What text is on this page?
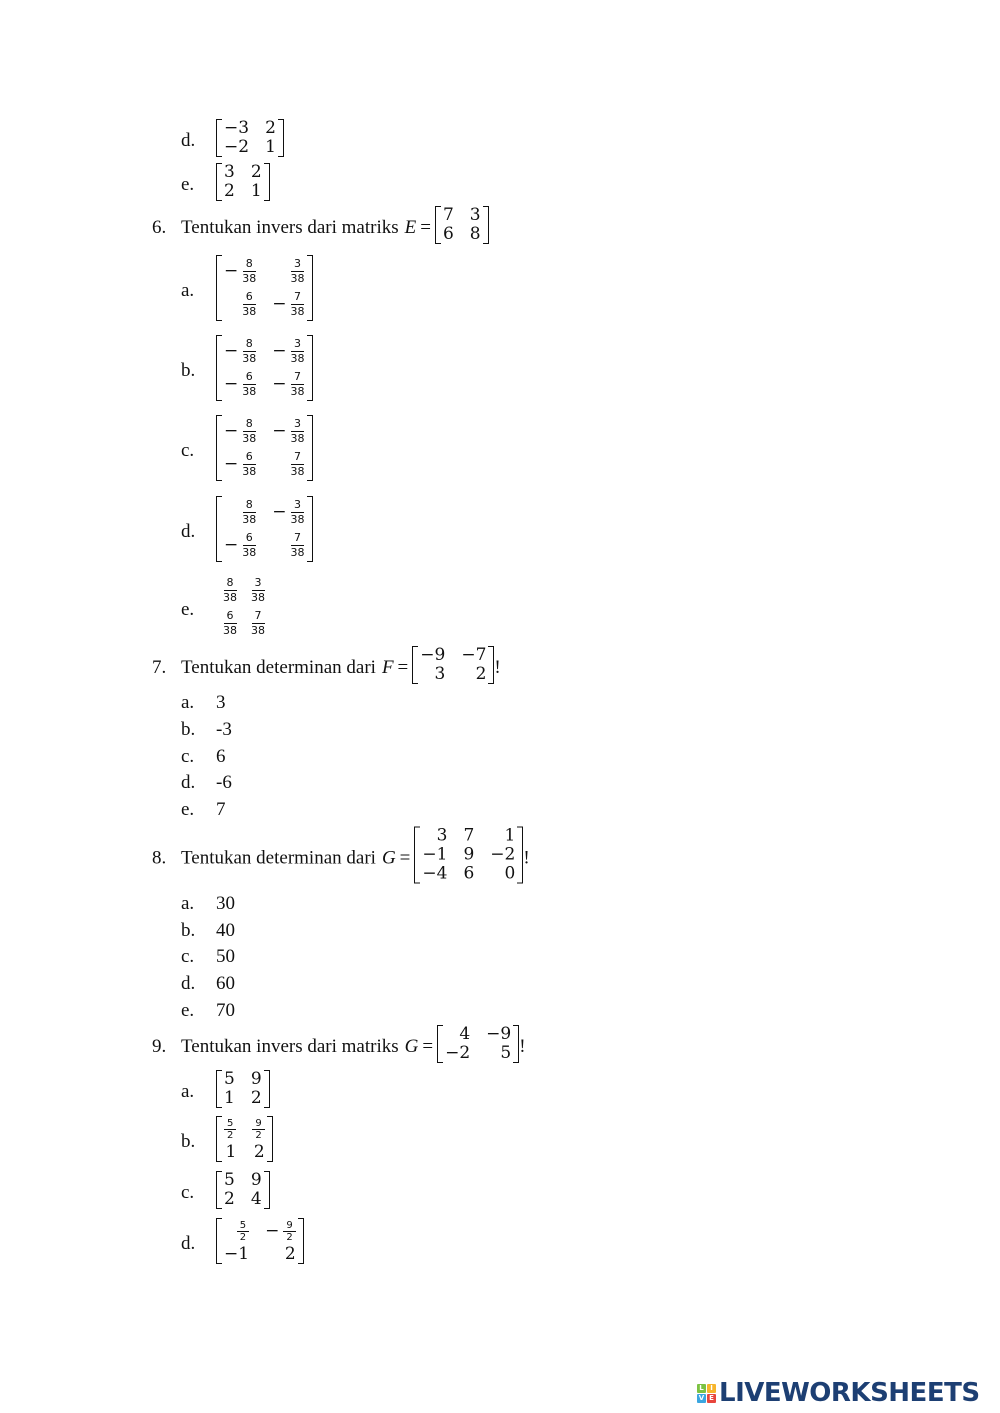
d.
−3 2
−2 1
e.
3 2
2 1
6. Tentukan invers dari matriks E =
7 3
6 8
a.
− $\frac{8}{38}$	$\frac{3}{38}$
$\frac{6}{38} - \frac{7}{38}$
b.
− $\frac{8}{38} - \frac{3}{38}$
− $\frac{6}{38} - \frac{7}{38}$
c.
− $\frac{8}{38} - \frac{3}{38}$
− $\frac{6}{38}$	$\frac{7}{38}$
d.
$\frac{8}{38} - \frac{3}{38}$
− $\frac{6}{38}$	$\frac{7}{38}$
e.
$\frac{8}{38} \frac{3}{38}$
$\frac{6}{38} \frac{7}{38}$
7. Tentukan determinan dari F =
−9 −7
3	2 !
a.	3
b.	-3
c.	6
d.	-6
e.	7
8. Tentukan determinan dari G =
3 7	1
−1 9 −2
−4 6	0
!
a.	30
b.	40
c.	50
d.	60
e.	70
9. Tentukan invers dari matriks G =
4 −9
−2	5 !
a.
5 9
1 2
b.	$\frac{5}{2} \frac{9}{2}$
1 2
c.
5 9
2 4
d.	$\frac{5}{2} - \frac{9}{2}$
−1	2
L I
V E LIVEWORKSHEETS
